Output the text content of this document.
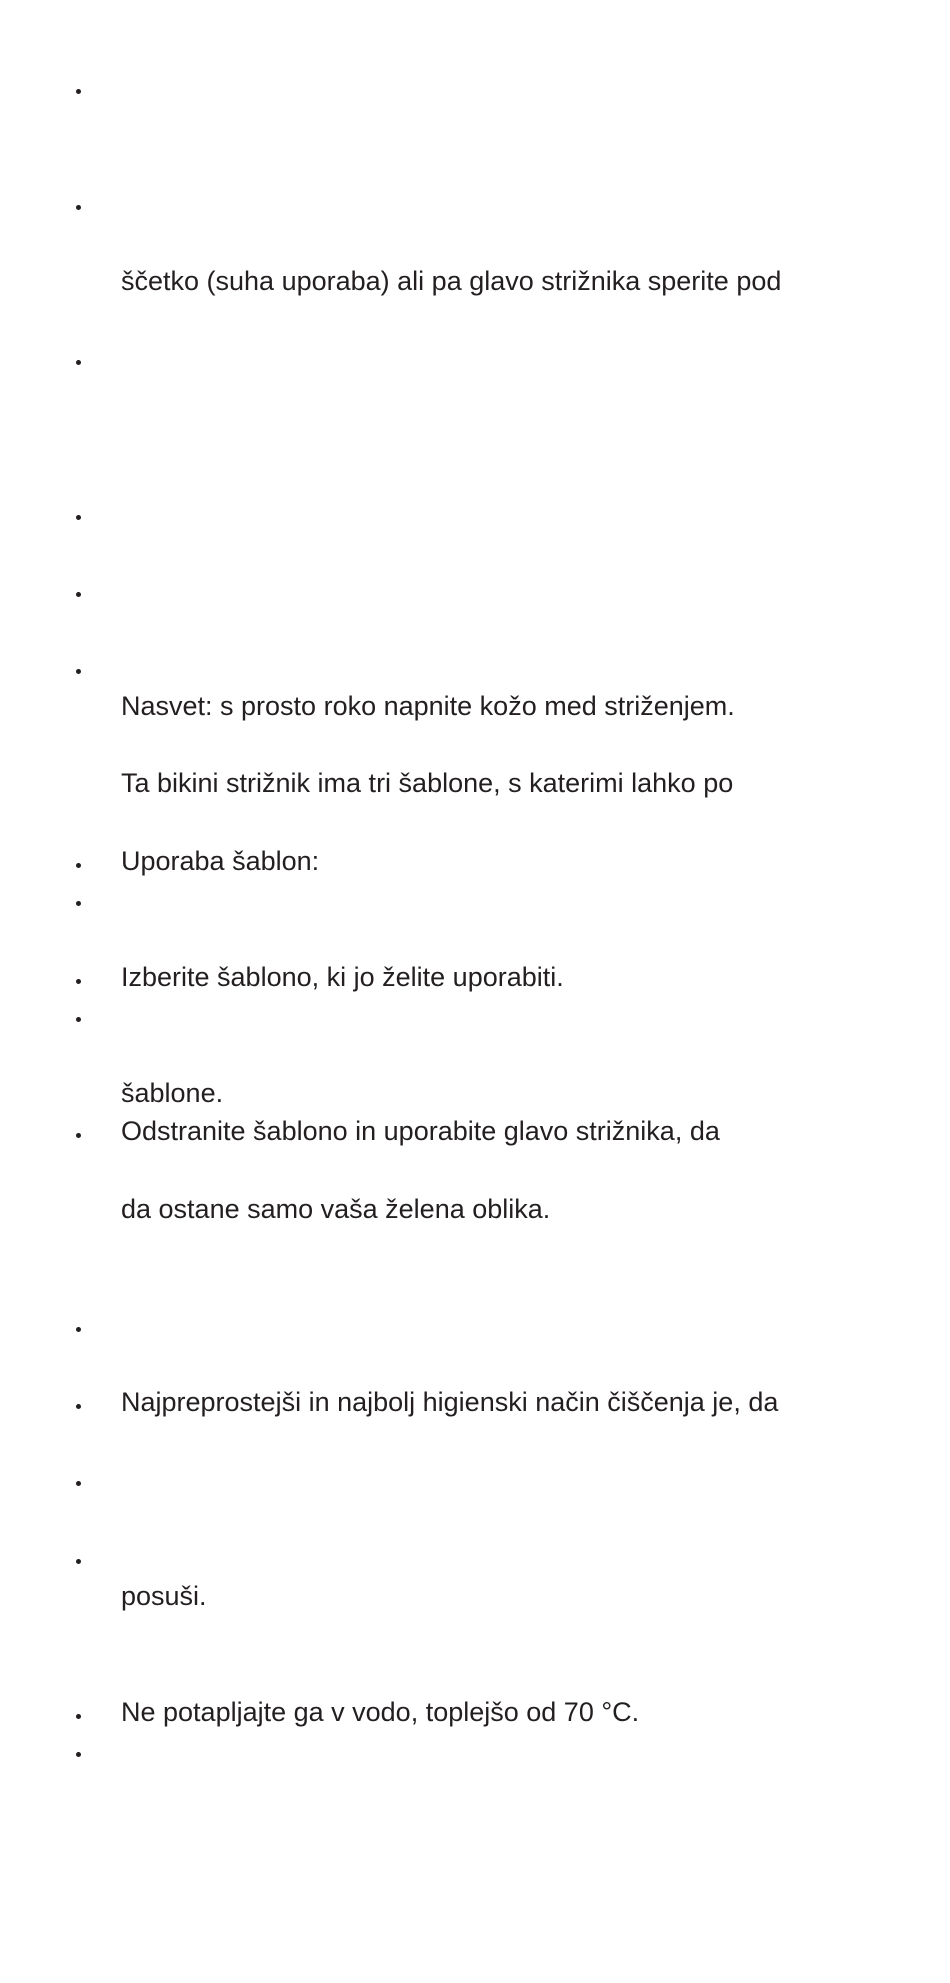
ščetko (suha uporaba) ali pa glavo strižnika sperite pod
Nasvet: s prosto roko napnite kožo med striženjem.
Ta bikini strižnik ima tri šablone, s katerimi lahko po
Uporaba šablon:
Izberite šablono, ki jo želite uporabiti.
šablone.
Odstranite šablono in uporabite glavo strižnika, da
da ostane samo vaša želena oblika.
Najpreprostejši in najbolj higienski način čiščenja je, da
posuši.
Ne potapljajte ga v vodo, toplejšo od 70 °C.
